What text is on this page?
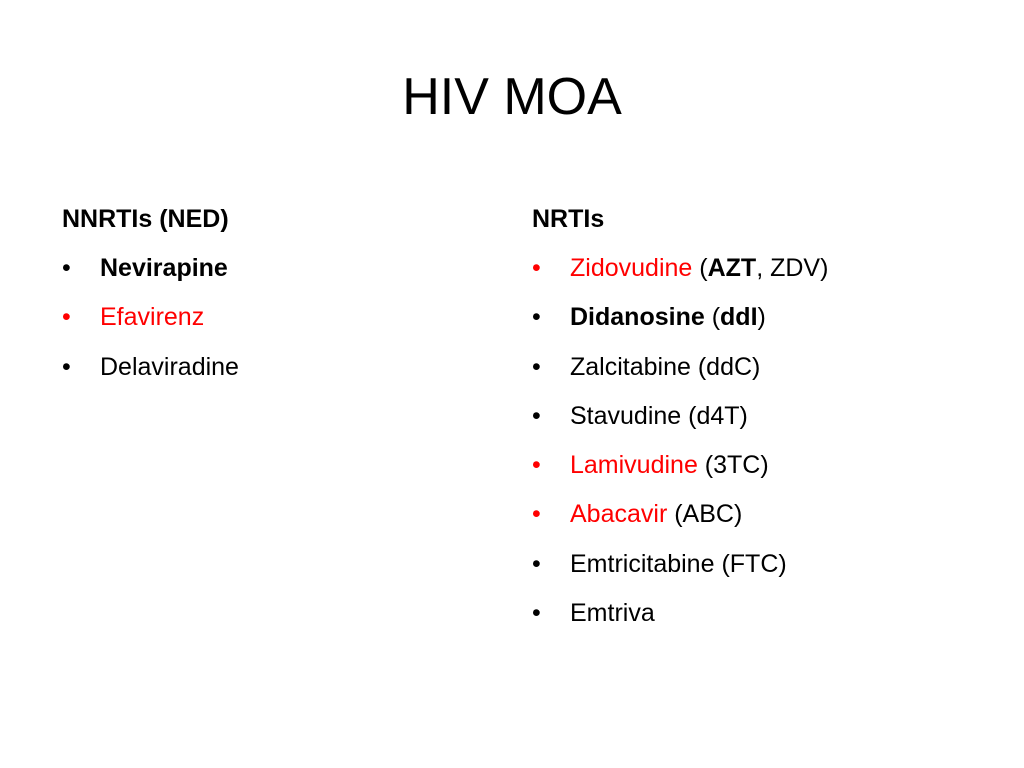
HIV MOA
NNRTIs (NED)
•	Nevirapine
•	Efavirenz
•	Delaviradine
NRTIs
•	Zidovudine (AZT, ZDV)
•	Didanosine (ddI)
•	Zalcitabine (ddC)
•	Stavudine (d4T)
•	Lamivudine (3TC)
•	Abacavir (ABC)
•	Emtricitabine (FTC)
•	Emtriva
